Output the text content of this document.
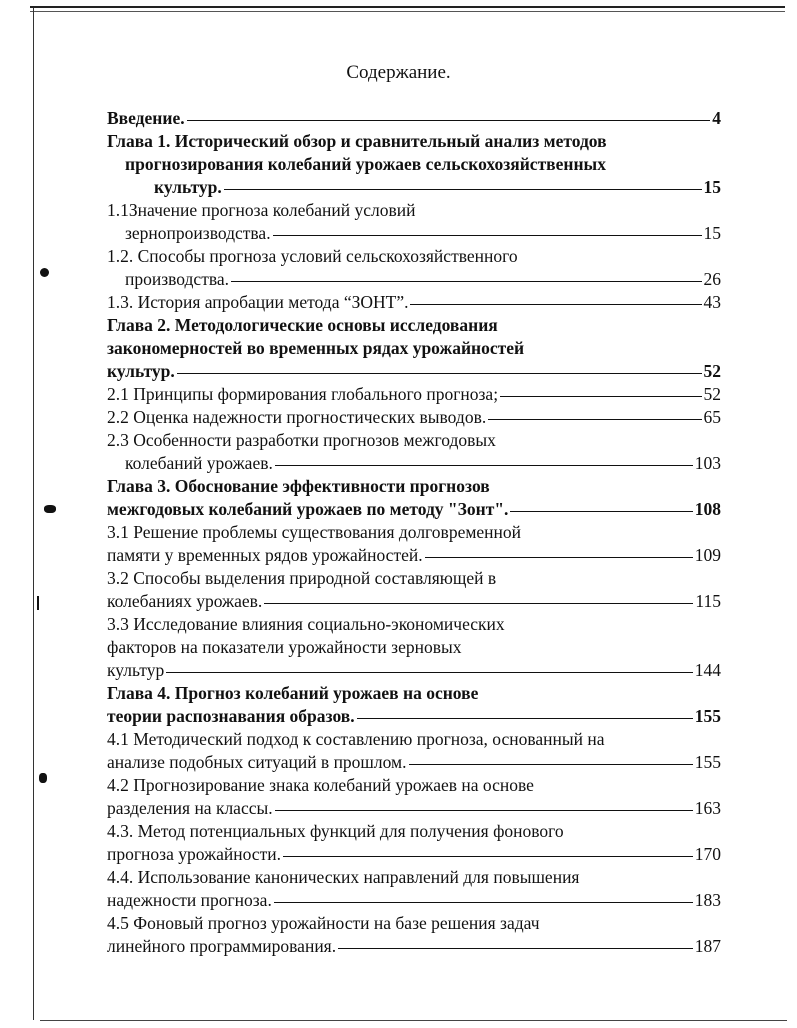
Содержание.
Введение.	4
Глава 1. Исторический обзор и сравнительный анализ методов
прогнозирования колебаний урожаев сельскохозяйственных
культур.	15
1.1Значение прогноза колебаний условий
зернопроизводства.	15
1.2. Способы прогноза условий сельскохозяйственного
производства.	26
1.3. История апробации метода “ЗОНТ”.	43
Глава 2. Методологические основы исследования
закономерностей во временных рядах урожайностей
культур.	52
2.1 Принципы формирования глобального прогноза;	52
2.2 Оценка надежности прогностических выводов.	65
2.3 Особенности разработки прогнозов межгодовых
колебаний урожаев.	103
Глава 3. Обоснование эффективности прогнозов
межгодовых колебаний урожаев по методу "Зонт".	108
3.1 Решение проблемы существования долговременной
памяти у временных рядов урожайностей.	109
3.2 Способы выделения природной составляющей в
колебаниях урожаев.	115
3.3 Исследование влияния социально-экономических
факторов на показатели урожайности зерновых
культур	144
Глава 4. Прогноз колебаний урожаев на основе
теории распознавания образов.	155
4.1 Методический подход к составлению прогноза, основанный на
анализе подобных ситуаций в прошлом.	155
4.2 Прогнозирование знака колебаний урожаев на основе
разделения на классы.	163
4.3. Метод потенциальных функций для получения фонового
прогноза урожайности.	170
4.4. Использование канонических направлений для повышения
надежности прогноза.	183
4.5 Фоновый прогноз урожайности на базе решения задач
линейного программирования.	187
